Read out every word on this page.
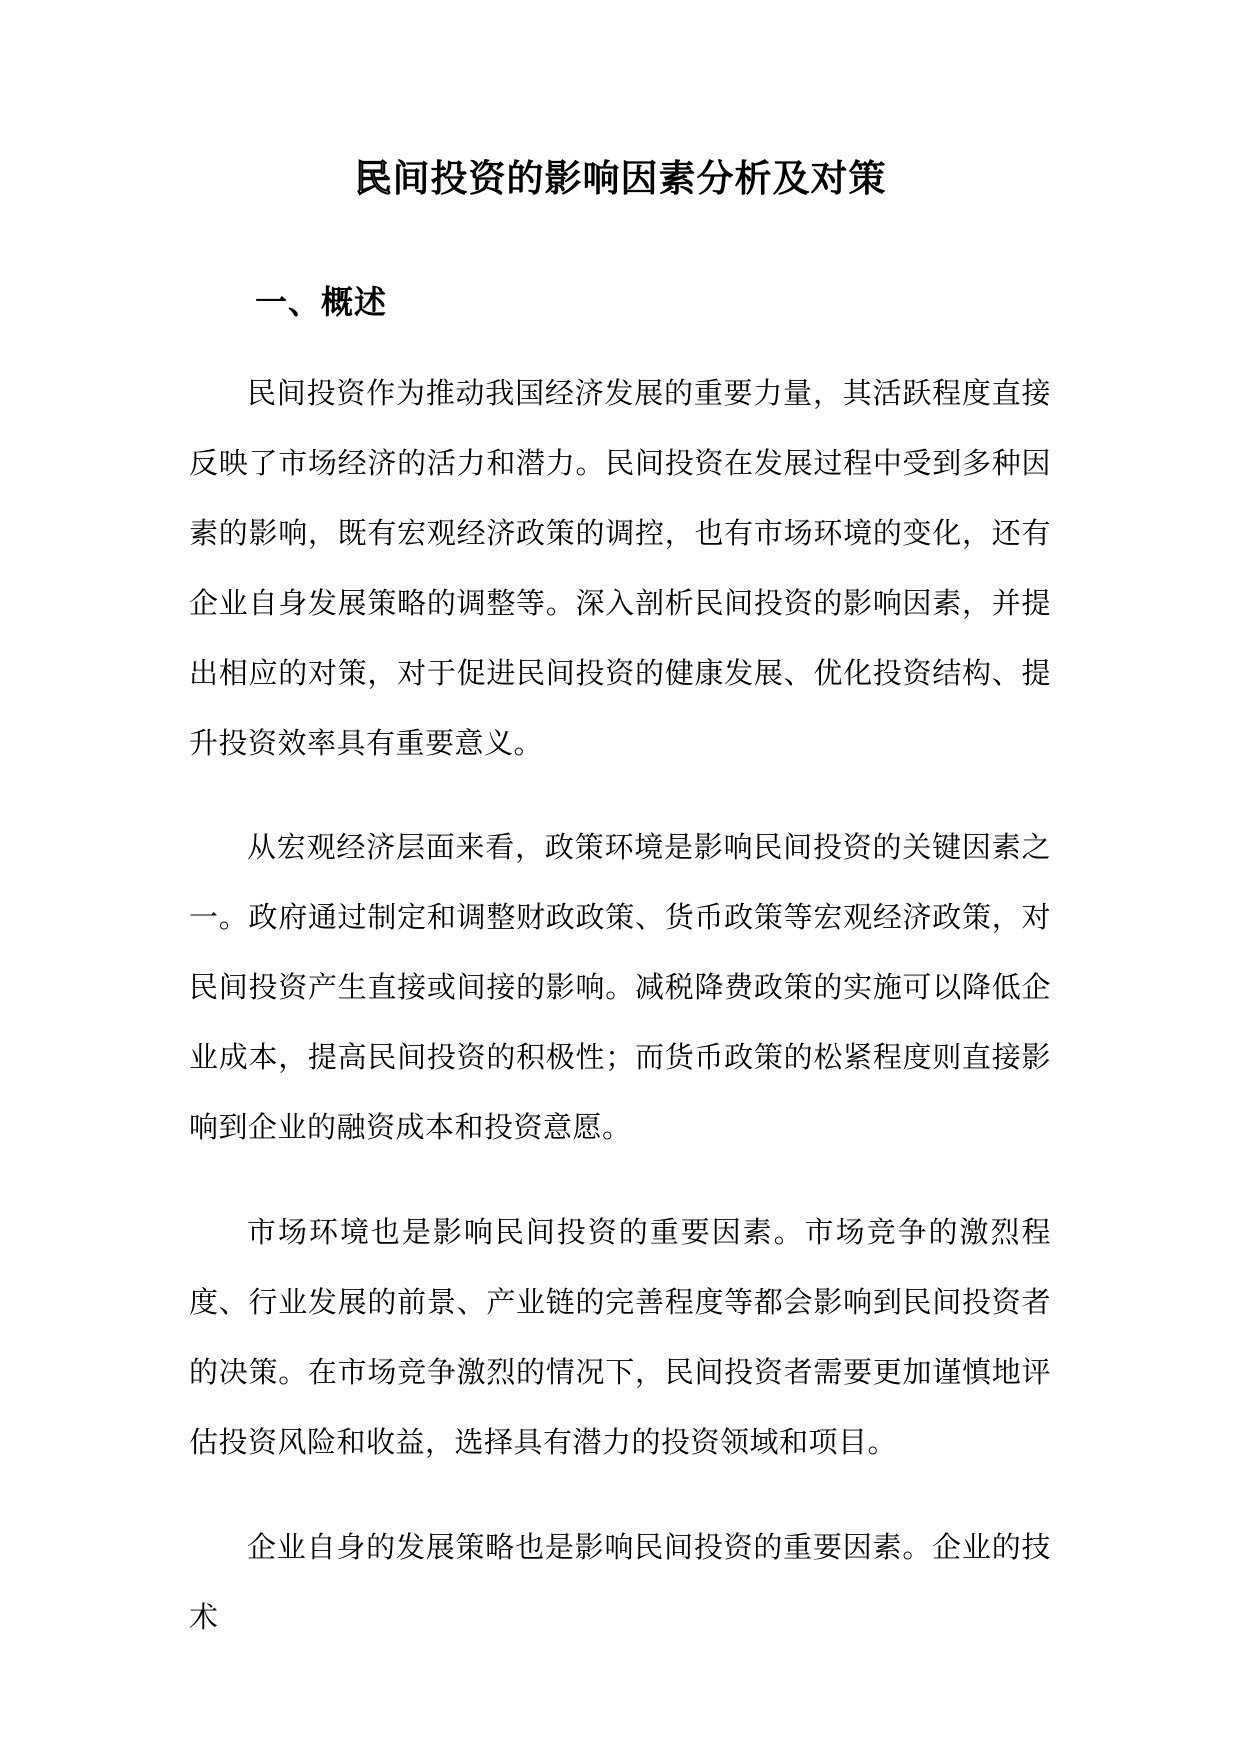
民间投资的影响因素分析及对策
一、概述

民间投资作为推动我国经济发展的重要力量，其活跃程度直接反映了市场经济的活力和潜力。民间投资在发展过程中受到多种因素的影响，既有宏观经济政策的调控，也有市场环境的变化，还有企业自身发展策略的调整等。深入剖析民间投资的影响因素，并提出相应的对策，对于促进民间投资的健康发展、优化投资结构、提升投资效率具有重要意义。

从宏观经济层面来看，政策环境是影响民间投资的关键因素之一。政府通过制定和调整财政政策、货币政策等宏观经济政策，对民间投资产生直接或间接的影响。减税降费政策的实施可以降低企业成本，提高民间投资的积极性；而货币政策的松紧程度则直接影响到企业的融资成本和投资意愿。

市场环境也是影响民间投资的重要因素。市场竞争的激烈程度、行业发展的前景、产业链的完善程度等都会影响到民间投资者的决策。在市场竞争激烈的情况下，民间投资者需要更加谨慎地评估投资风险和收益，选择具有潜力的投资领域和项目。

企业自身的发展策略也是影响民间投资的重要因素。企业的技术
